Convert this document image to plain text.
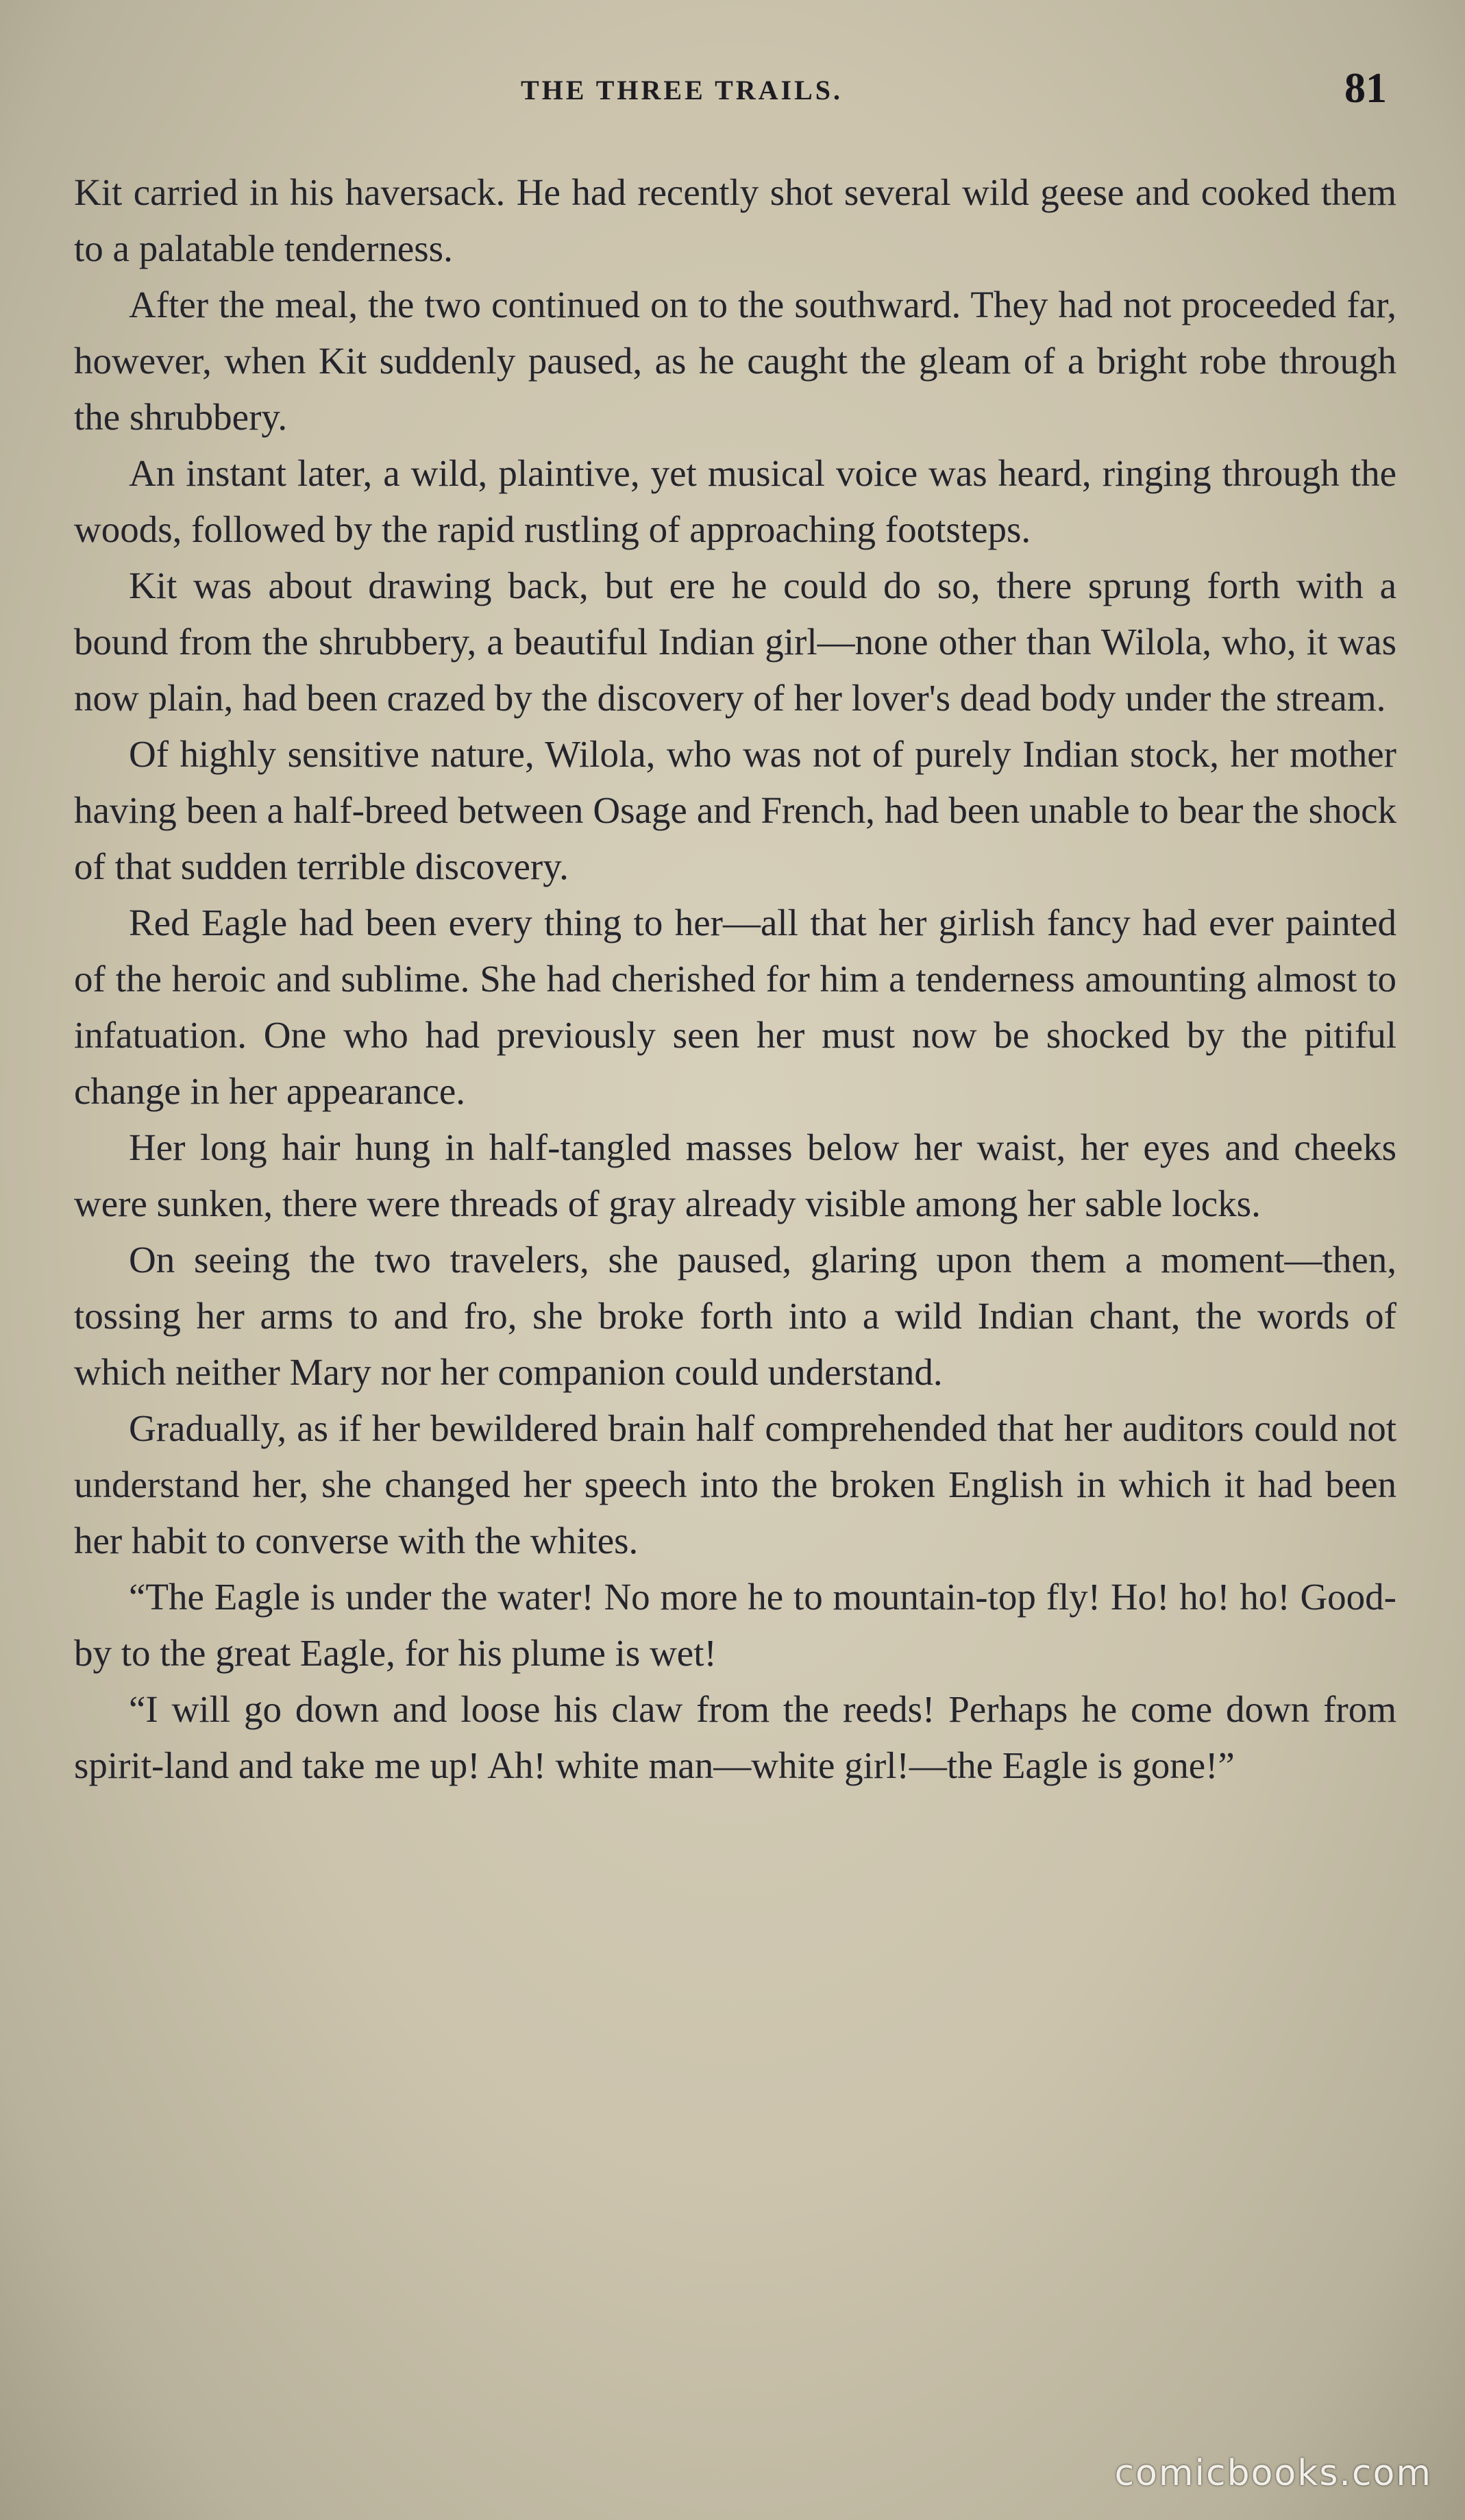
THE THREE TRAILS.	81

Kit carried in his haversack. He had recently shot several wild geese and cooked them to a palatable tenderness.

After the meal, the two continued on to the southward. They had not proceeded far, however, when Kit suddenly paused, as he caught the gleam of a bright robe through the shrubbery.

An instant later, a wild, plaintive, yet musical voice was heard, ringing through the woods, followed by the rapid rustling of approaching footsteps.

Kit was about drawing back, but ere he could do so, there sprung forth with a bound from the shrubbery, a beautiful Indian girl—none other than Wilola, who, it was now plain, had been crazed by the discovery of her lover's dead body under the stream.

Of highly sensitive nature, Wilola, who was not of purely Indian stock, her mother having been a half-breed between Osage and French, had been unable to bear the shock of that sudden terrible discovery.

Red Eagle had been every thing to her—all that her girlish fancy had ever painted of the heroic and sublime. She had cherished for him a tenderness amounting almost to infatuation. One who had previously seen her must now be shocked by the pitiful change in her appearance.

Her long hair hung in half-tangled masses below her waist, her eyes and cheeks were sunken, there were threads of gray already visible among her sable locks.

On seeing the two travelers, she paused, glaring upon them a moment—then, tossing her arms to and fro, she broke forth into a wild Indian chant, the words of which neither Mary nor her companion could understand.

Gradually, as if her bewildered brain half comprehended that her auditors could not understand her, she changed her speech into the broken English in which it had been her habit to converse with the whites.

“The Eagle is under the water! No more he to mountain-top fly! Ho! ho! ho! Good-by to the great Eagle, for his plume is wet!

“I will go down and loose his claw from the reeds! Perhaps he come down from spirit-land and take me up! Ah! white man—white girl!—the Eagle is gone!”

comicbooks.com
